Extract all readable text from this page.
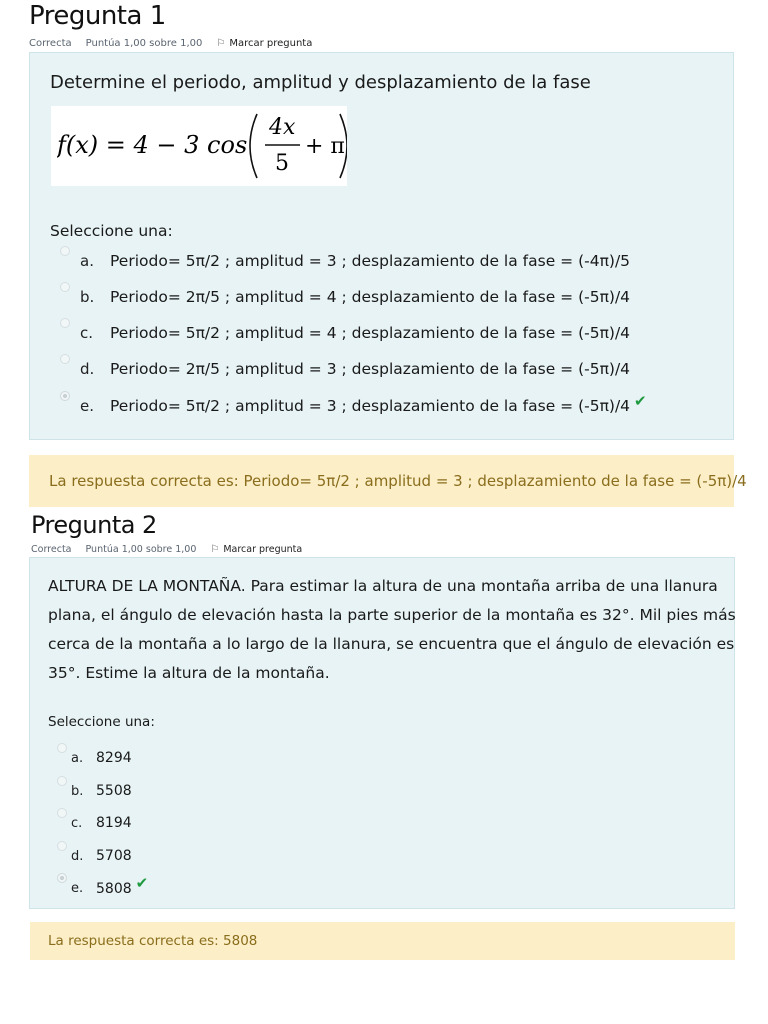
Pregunta 1
Correcta Puntúa 1,00 sobre 1,00 ⚐ Marcar pregunta
Determine el periodo, amplitud y desplazamiento de la fase
f(x) = 4 − 3 cos
4x
5
+ π
Seleccione una:
a. Periodo= 5π/2 ; amplitud = 3 ; desplazamiento de la fase = (-4π)/5
b. Periodo= 2π/5 ; amplitud = 4 ; desplazamiento de la fase = (-5π)/4
c. Periodo= 5π/2 ; amplitud = 4 ; desplazamiento de la fase = (-5π)/4
d. Periodo= 2π/5 ; amplitud = 3 ; desplazamiento de la fase = (-5π)/4
e. Periodo= 5π/2 ; amplitud = 3 ; desplazamiento de la fase = (-5π)/4 ✔
La respuesta correcta es: Periodo= 5π/2 ; amplitud = 3 ; desplazamiento de la fase = (-5π)/4
Pregunta 2
Correcta Puntúa 1,00 sobre 1,00 ⚐ Marcar pregunta
ALTURA DE LA MONTAÑA. Para estimar la altura de una montaña arriba de una llanura plana, el ángulo de elevación hasta la parte superior de la montaña es 32°. Mil pies más cerca de la montaña a lo largo de la llanura, se encuentra que el ángulo de elevación es 35°. Estime la altura de la montaña.
Seleccione una:
a. 8294
b. 5508
c. 8194
d. 5708
e. 5808 ✔
La respuesta correcta es: 5808
